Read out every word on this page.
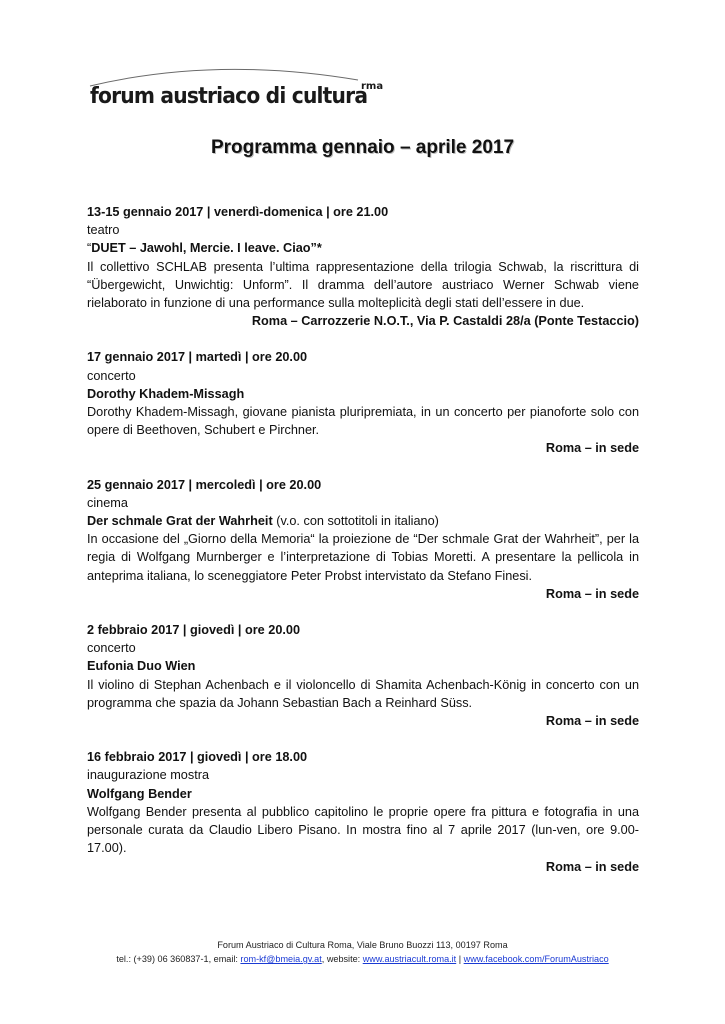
forum austriaco di cultura
rma
Programma gennaio – aprile 2017
13-15 gennaio 2017 | venerdì-domenica | ore 21.00
teatro
“DUET – Jawohl, Mercie. I leave. Ciao”*
Il collettivo SCHLAB presenta l’ultima rappresentazione della trilogia Schwab, la riscrittura di “Übergewicht, Unwichtig: Unform”. Il dramma dell’autore austriaco Werner Schwab viene rielaborato in funzione di una performance sulla molteplicità degli stati dell’essere in due.
Roma – Carrozzerie N.O.T., Via P. Castaldi 28/a (Ponte Testaccio)
17 gennaio 2017 | martedì | ore 20.00
concerto
Dorothy Khadem-Missagh
Dorothy Khadem-Missagh, giovane pianista pluripremiata, in un concerto per pianoforte solo con opere di Beethoven, Schubert e Pirchner.
Roma – in sede
25 gennaio 2017 | mercoledì | ore 20.00
cinema
Der schmale Grat der Wahrheit (v.o. con sottotitoli in italiano)
In occasione del „Giorno della Memoria“ la proiezione de “Der schmale Grat der Wahrheit”, per la regia di Wolfgang Murnberger e l’interpretazione di Tobias Moretti. A presentare la pellicola in anteprima italiana, lo sceneggiatore Peter Probst intervistato da Stefano Finesi.
Roma – in sede
2 febbraio 2017 | giovedì | ore 20.00
concerto
Eufonia Duo Wien
Il violino di Stephan Achenbach e il violoncello di Shamita Achenbach-König in concerto con un programma che spazia da Johann Sebastian Bach a Reinhard Süss.
Roma – in sede
16 febbraio 2017 | giovedì | ore 18.00
inaugurazione mostra
Wolfgang Bender
Wolfgang Bender presenta al pubblico capitolino le proprie opere fra pittura e fotografia in una personale curata da Claudio Libero Pisano. In mostra fino al 7 aprile 2017 (lun-ven, ore 9.00-17.00).
Roma – in sede
Forum Austriaco di Cultura Roma, Viale Bruno Buozzi 113, 00197 Roma
tel.: (+39) 06 360837-1, email: rom-kf@bmeia.gv.at, website: www.austriacult.roma.it | www.facebook.com/ForumAustriaco
